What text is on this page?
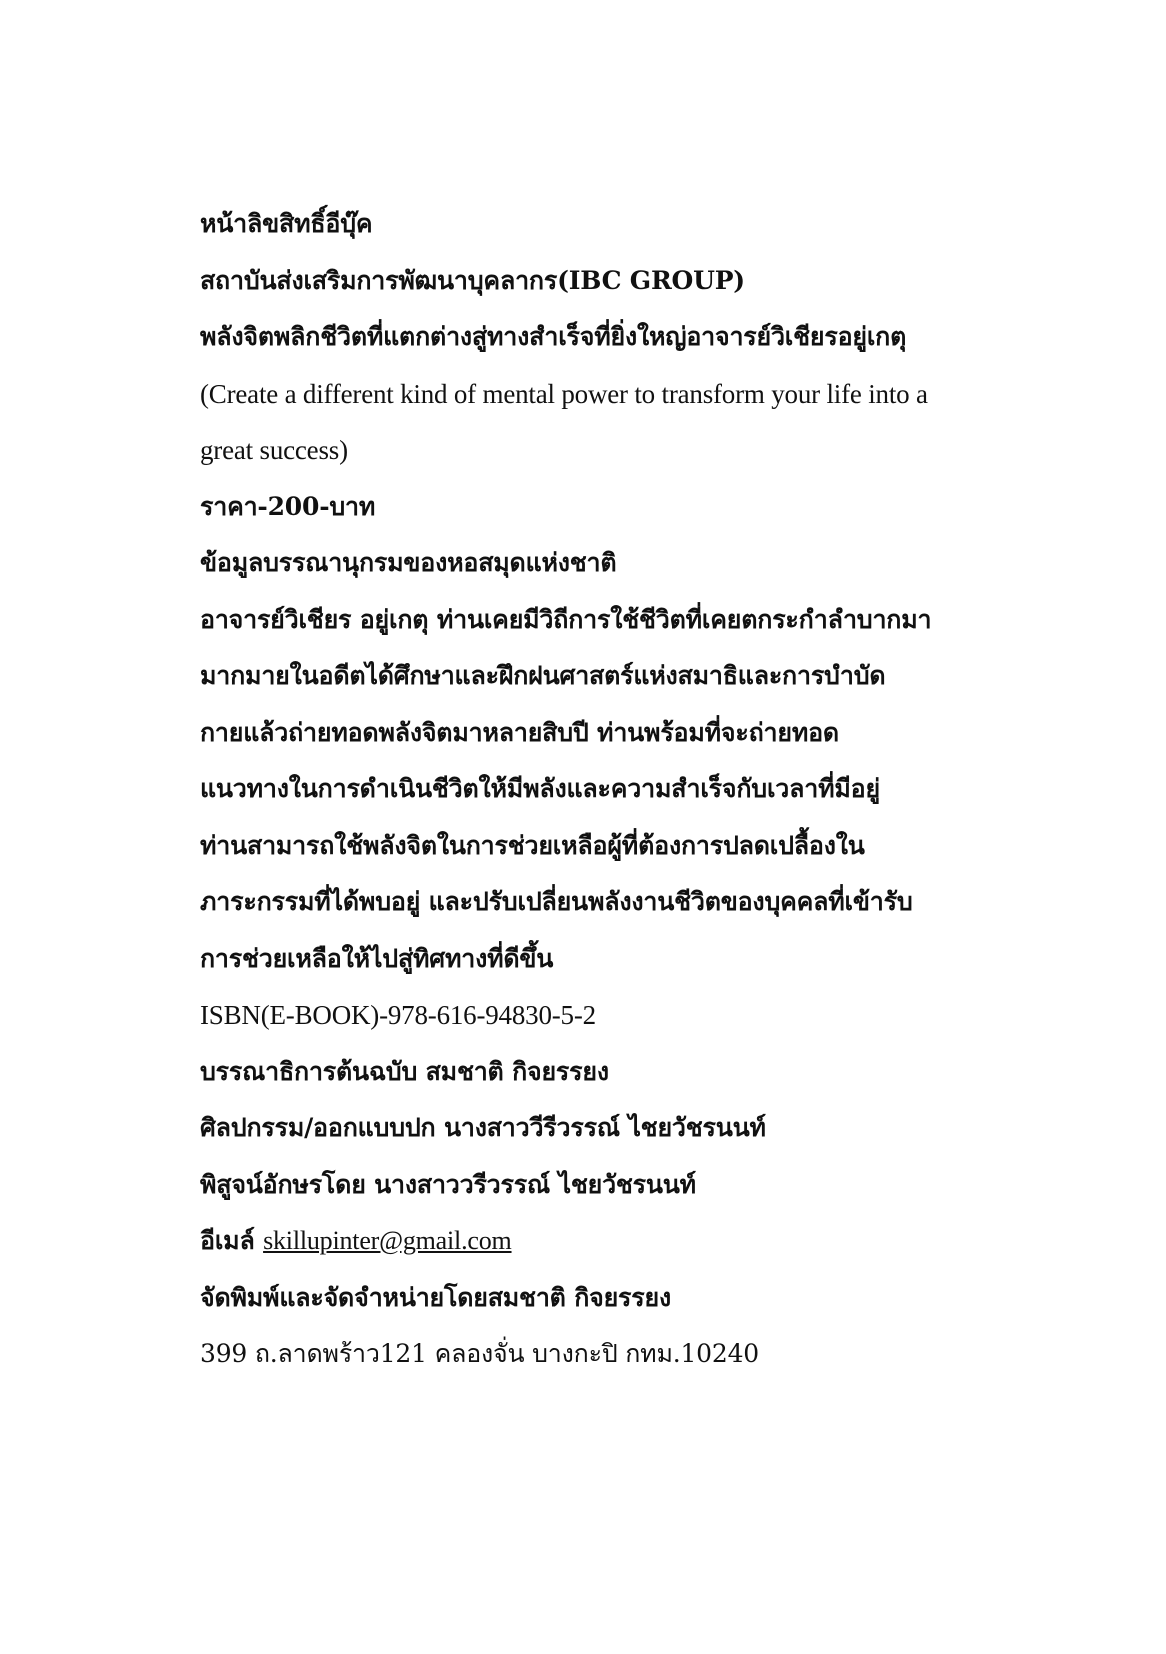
หน้าลิขสิทธิ์อีบุ๊ค
สถาบันส่งเสริมการพัฒนาบุคลากร(IBC GROUP)
พลังจิตพลิกชีวิตที่แตกต่างสู่ทางสำเร็จที่ยิ่งใหญ่อาจารย์วิเชียรอยู่เกตุ
(Create a different kind of mental power to transform your life into a
great success)
ราคา-200-บาท
ข้อมูลบรรณานุกรมของหอสมุดแห่งชาติ
อาจารย์วิเชียร อยู่เกตุ ท่านเคยมีวิถีการใช้ชีวิตที่เคยตกระกำลำบากมา
มากมายในอดีตได้ศึกษาและฝึกฝนศาสตร์แห่งสมาธิและการบำบัด
กายแล้วถ่ายทอดพลังจิตมาหลายสิบปี ท่านพร้อมที่จะถ่ายทอด
แนวทางในการดำเนินชีวิตให้มีพลังและความสำเร็จกับเวลาที่มีอยู่
ท่านสามารถใช้พลังจิตในการช่วยเหลือผู้ที่ต้องการปลดเปลื้องใน
ภาระกรรมที่ได้พบอยู่ และปรับเปลี่ยนพลังงานชีวิตของบุคคลที่เข้ารับ
การช่วยเหลือให้ไปสู่ทิศทางที่ดีขึ้น
ISBN(E-BOOK)-978-616-94830-5-2
บรรณาธิการต้นฉบับ สมชาติ กิจยรรยง
ศิลปกรรม/ออกแบบปก นางสาววีรีวรรณ์ ไชยวัชรนนท์
พิสูจน์อักษรโดย นางสาววรีวรรณ์ ไชยวัชรนนท์
อีเมล์ skillupinter@gmail.com
จัดพิมพ์และจัดจำหน่ายโดยสมชาติ กิจยรรยง
399 ถ.ลาดพร้าว121 คลองจั่น บางกะปิ กทม.10240
